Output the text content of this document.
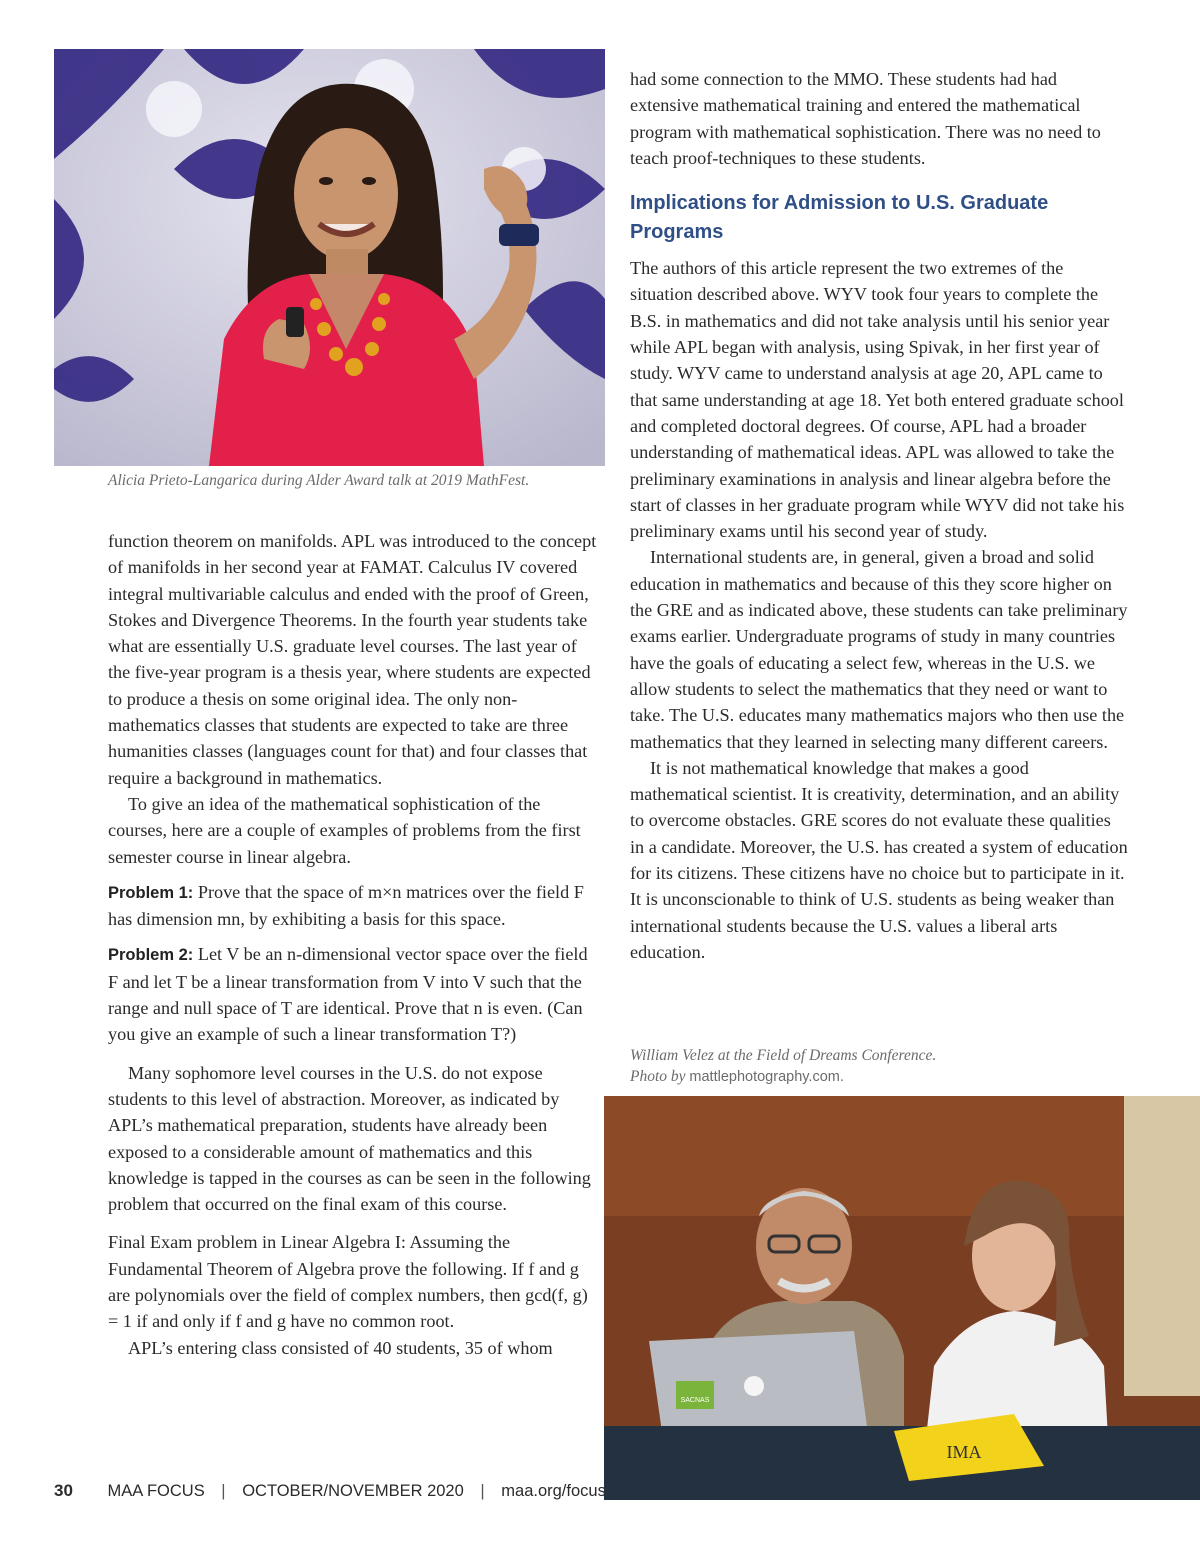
Alicia Prieto-Langarica during Alder Award talk at 2019 MathFest.

function theorem on manifolds. APL was introduced to the concept of manifolds in her second year at FAMAT. Calculus IV covered integral multivariable calculus and ended with the proof of Green, Stokes and Divergence Theorems. In the fourth year students take what are essentially U.S. graduate level courses. The last year of the five-year program is a thesis year, where students are expected to produce a thesis on some original idea. The only non-mathematics classes that students are expected to take are three humanities classes (languages count for that) and four classes that require a background in mathematics.

To give an idea of the mathematical sophistication of the courses, here are a couple of examples of problems from the first semester course in linear algebra.

Problem 1: Prove that the space of m×n matrices over the field F has dimension mn, by exhibiting a basis for this space.

Problem 2: Let V be an n-dimensional vector space over the field F and let T be a linear transformation from V into V such that the range and null space of T are identical. Prove that n is even. (Can you give an example of such a linear transformation T?)

Many sophomore level courses in the U.S. do not expose students to this level of abstraction. Moreover, as indicated by APL’s mathematical preparation, students have already been exposed to a considerable amount of mathematics and this knowledge is tapped in the courses as can be seen in the following problem that occurred on the final exam of this course.

Final Exam problem in Linear Algebra I: Assuming the Fundamental Theorem of Algebra prove the following. If f and g are polynomials over the field of complex numbers, then gcd(f, g) = 1 if and only if f and g have no common root.

APL’s entering class consisted of 40 students, 35 of whom

had some connection to the MMO. These students had had extensive mathematical training and entered the mathematical program with mathematical sophistication. There was no need to teach proof-techniques to these students.

Implications for Admission to U.S. Graduate Programs

The authors of this article represent the two extremes of the situation described above. WYV took four years to complete the B.S. in mathematics and did not take analysis until his senior year while APL began with analysis, using Spivak, in her first year of study. WYV came to understand analysis at age 20, APL came to that same understanding at age 18. Yet both entered graduate school and completed doctoral degrees. Of course, APL had a broader understanding of mathematical ideas. APL was allowed to take the preliminary examinations in analysis and linear algebra before the start of classes in her graduate program while WYV did not take his preliminary exams until his second year of study.

International students are, in general, given a broad and solid education in mathematics and because of this they score higher on the GRE and as indicated above, these students can take preliminary exams earlier. Undergraduate programs of study in many countries have the goals of educating a select few, whereas in the U.S. we allow students to select the mathematics that they need or want to take. The U.S. educates many mathematics majors who then use the mathematics that they learned in selecting many different careers.

It is not mathematical knowledge that makes a good mathematical scientist. It is creativity, determination, and an ability to overcome obstacles. GRE scores do not evaluate these qualities in a candidate. Moreover, the U.S. has created a system of education for its citizens. These citizens have no choice but to participate in it. It is unconscionable to think of U.S. students as being weaker than international students because the U.S. values a liberal arts education.

William Velez at the Field of Dreams Conference.
Photo by mattlephotography.com.
SACNAS
IMA
30 MAA FOCUS | OCTOBER/NOVEMBER 2020 | maa.org/focus
